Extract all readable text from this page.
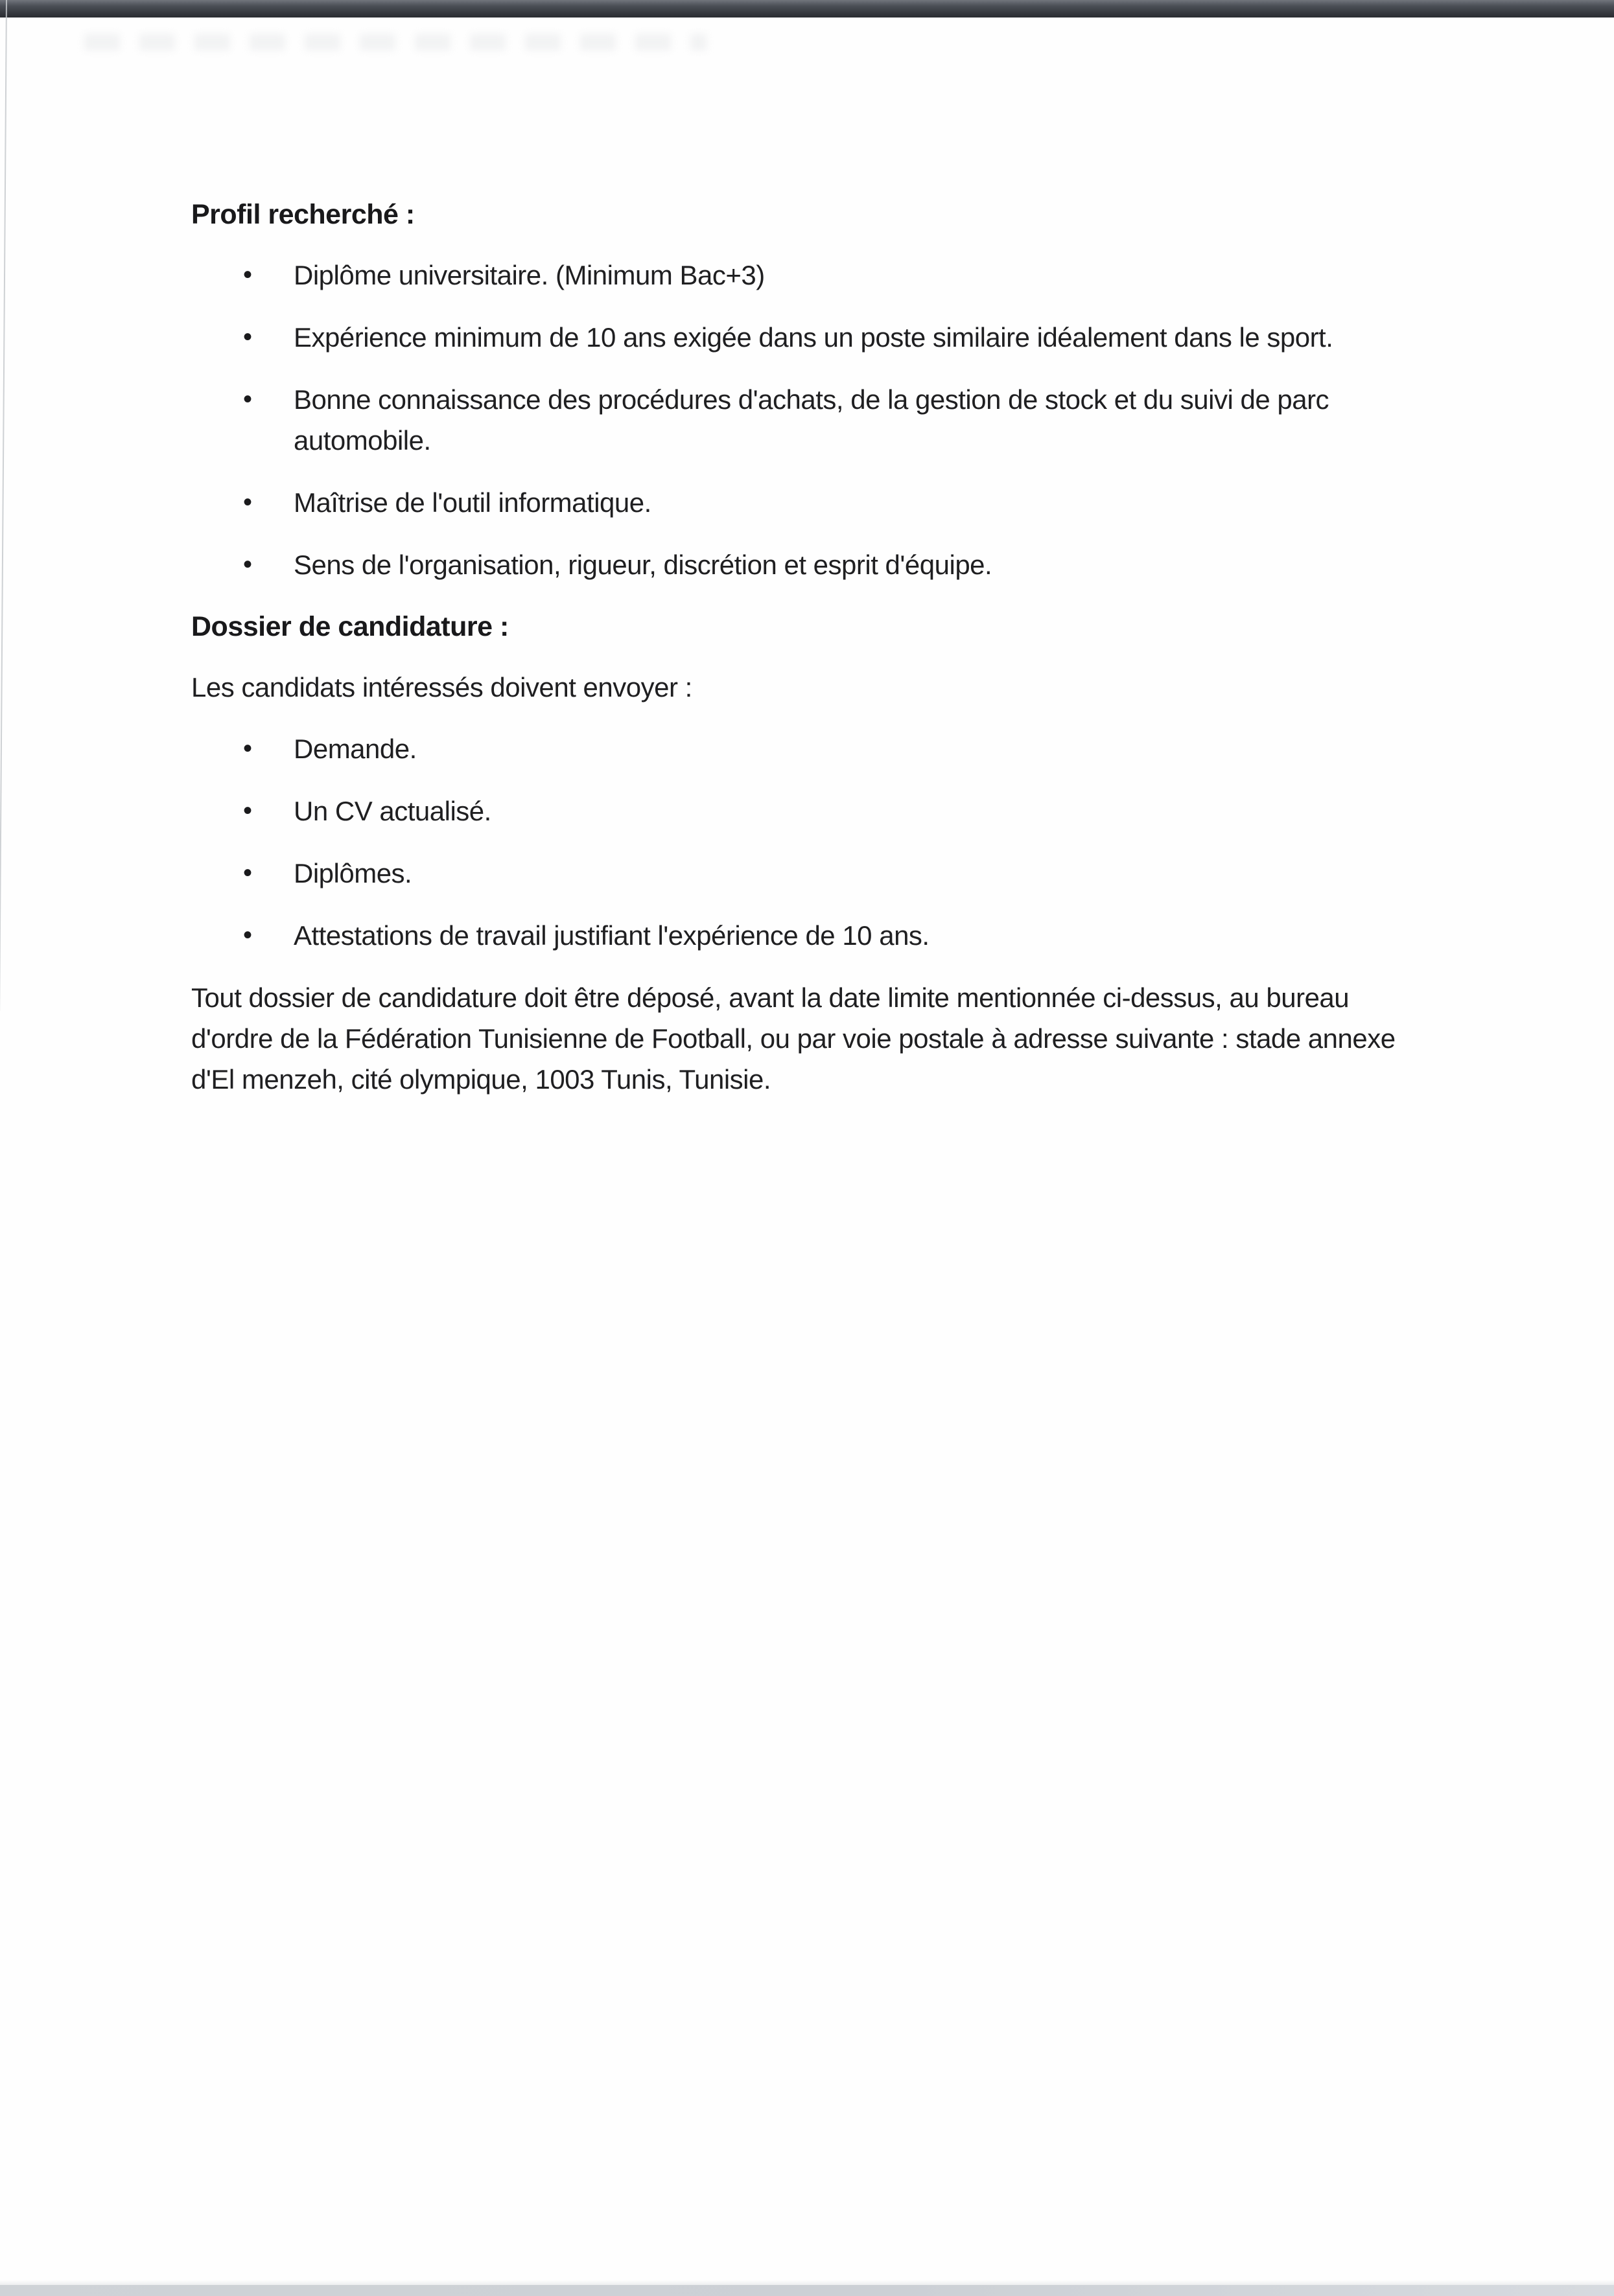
Profil recherché :
• Diplôme universitaire. (Minimum Bac+3)
• Expérience minimum de 10 ans exigée dans un poste similaire idéalement dans le sport.
• Bonne connaissance des procédures d'achats, de la gestion de stock et du suivi de parc automobile.
• Maîtrise de l'outil informatique.
• Sens de l'organisation, rigueur, discrétion et esprit d'équipe.
Dossier de candidature :

Les candidats intéressés doivent envoyer :

• Demande.
• Un CV actualisé.
• Diplômes.
• Attestations de travail justifiant l'expérience de 10 ans.

Tout dossier de candidature doit être déposé, avant la date limite mentionnée ci-dessus, au bureau d'ordre de la Fédération Tunisienne de Football, ou par voie postale à adresse suivante : stade annexe d'El menzeh, cité olympique, 1003 Tunis, Tunisie.
